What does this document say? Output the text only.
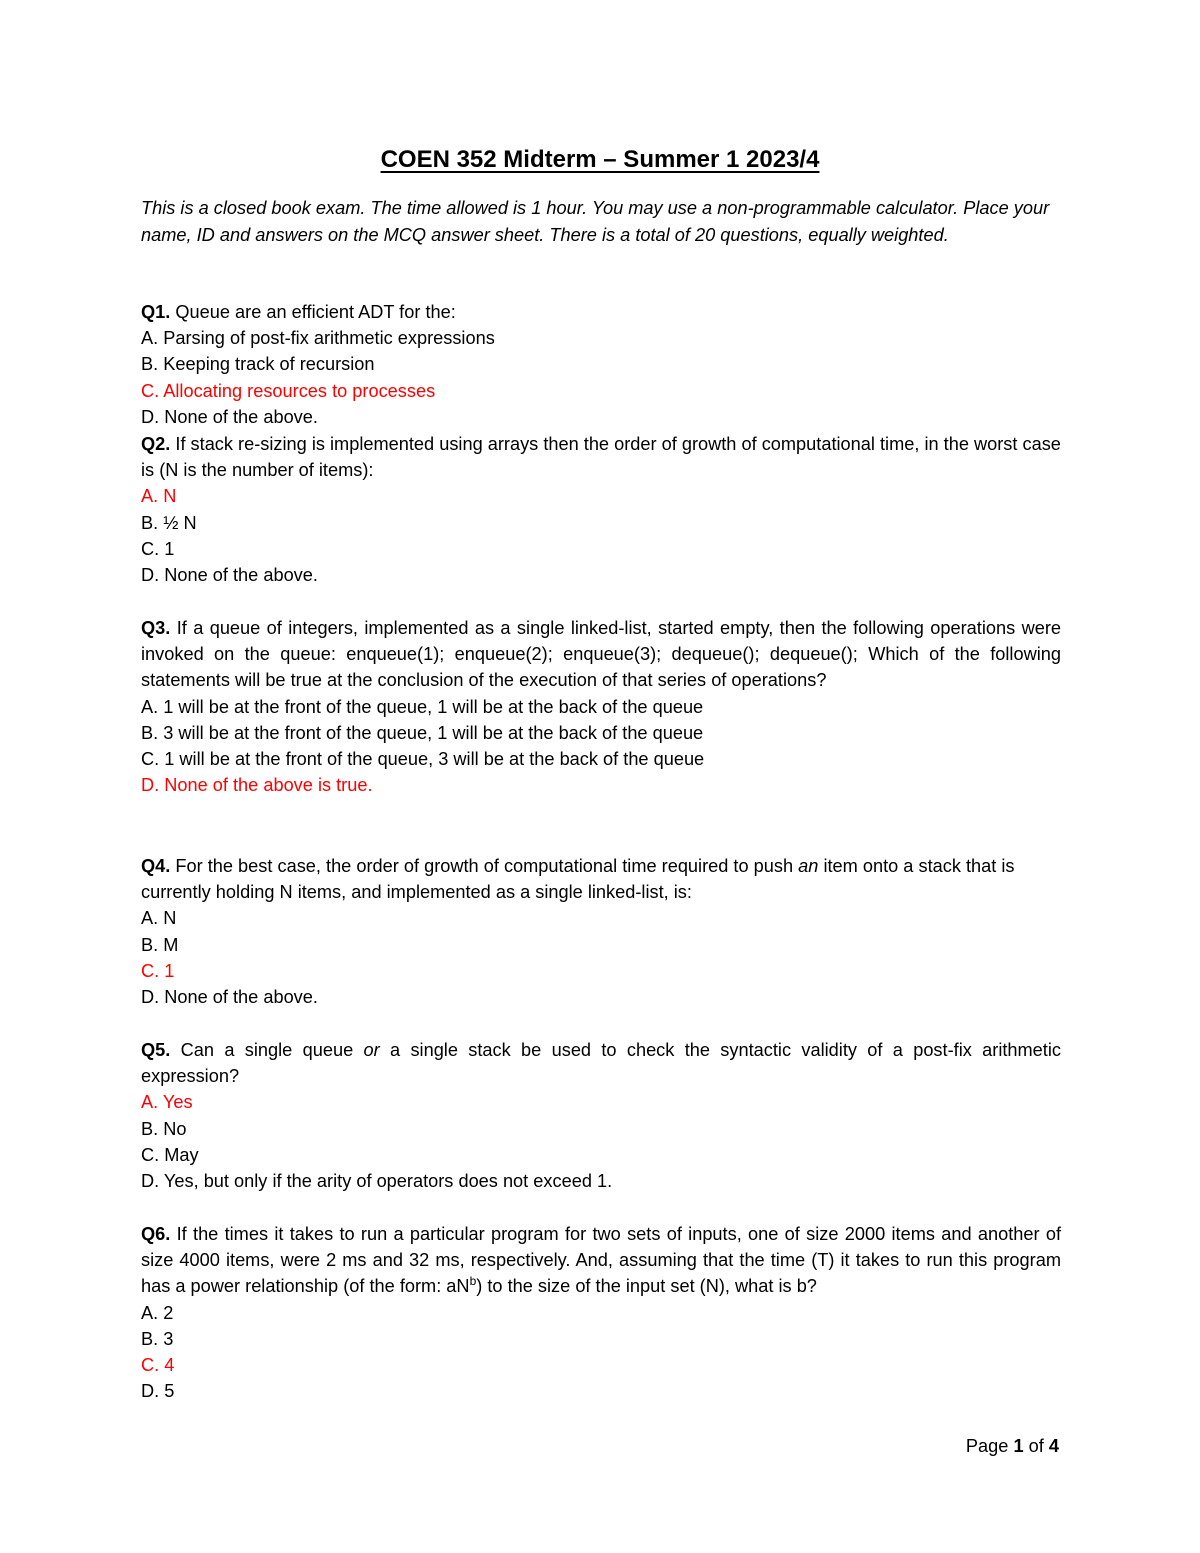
COEN 352 Midterm – Summer 1 2023/4
This is a closed book exam. The time allowed is 1 hour. You may use a non-programmable calculator. Place your name, ID and answers on the MCQ answer sheet. There is a total of 20 questions, equally weighted.

Q1. Queue are an efficient ADT for the:

A. Parsing of post-fix arithmetic expressions

B. Keeping track of recursion

C. Allocating resources to processes

D. None of the above.

Q2. If stack re-sizing is implemented using arrays then the order of growth of computational time, in the worst case is (N is the number of items):

A. N

B. ½ N

C. 1

D. None of the above.

Q3. If a queue of integers, implemented as a single linked-list, started empty, then the following operations were invoked on the queue: enqueue(1); enqueue(2); enqueue(3); dequeue(); dequeue(); Which of the following statements will be true at the conclusion of the execution of that series of operations?

A. 1 will be at the front of the queue, 1 will be at the back of the queue

B. 3 will be at the front of the queue, 1 will be at the back of the queue

C. 1 will be at the front of the queue, 3 will be at the back of the queue

D. None of the above is true.

Q4. For the best case, the order of growth of computational time required to push an item onto a stack that is currently holding N items, and implemented as a single linked-list, is:

A. N

B. M

C. 1

D. None of the above.

Q5. Can a single queue or a single stack be used to check the syntactic validity of a post-fix arithmetic expression?

A. Yes

B. No

C. May

D. Yes, but only if the arity of operators does not exceed 1.

Q6. If the times it takes to run a particular program for two sets of inputs, one of size 2000 items and another of size 4000 items, were 2 ms and 32 ms, respectively. And, assuming that the time (T) it takes to run this program has a power relationship (of the form: $aN^b$) to the size of the input set (N), what is b?

A. 2

B. 3

C. 4

D. 5

Page 1 of 4
